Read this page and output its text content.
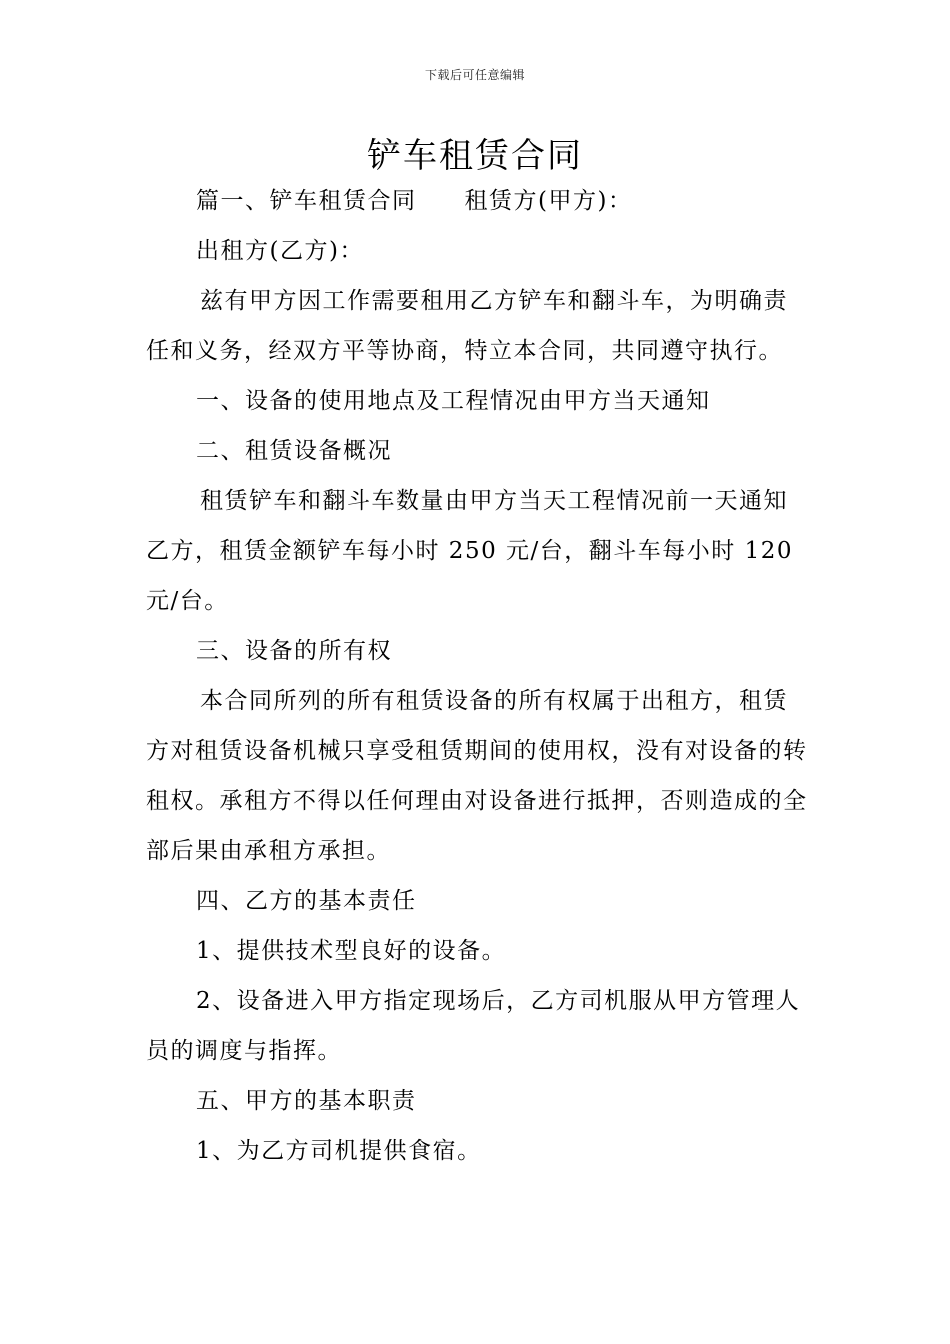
下载后可任意编辑
铲车租赁合同

篇一、铲车租赁合同 租赁方(甲方)：

出租方(乙方)：

兹有甲方因工作需要租用乙方铲车和翻斗车，为明确责任和义务，经双方平等协商，特立本合同，共同遵守执行。

一、设备的使用地点及工程情况由甲方当天通知

二、租赁设备概况

租赁铲车和翻斗车数量由甲方当天工程情况前一天通知乙方，租赁金额铲车每小时 250 元/台，翻斗车每小时 120 元/台。

三、设备的所有权

本合同所列的所有租赁设备的所有权属于出租方，租赁方对租赁设备机械只享受租赁期间的使用权，没有对设备的转租权。承租方不得以任何理由对设备进行抵押，否则造成的全部后果由承租方承担。

四、乙方的基本责任

1、提供技术型良好的设备。

2、设备进入甲方指定现场后，乙方司机服从甲方管理人员的调度与指挥。

五、甲方的基本职责

1、为乙方司机提供食宿。
